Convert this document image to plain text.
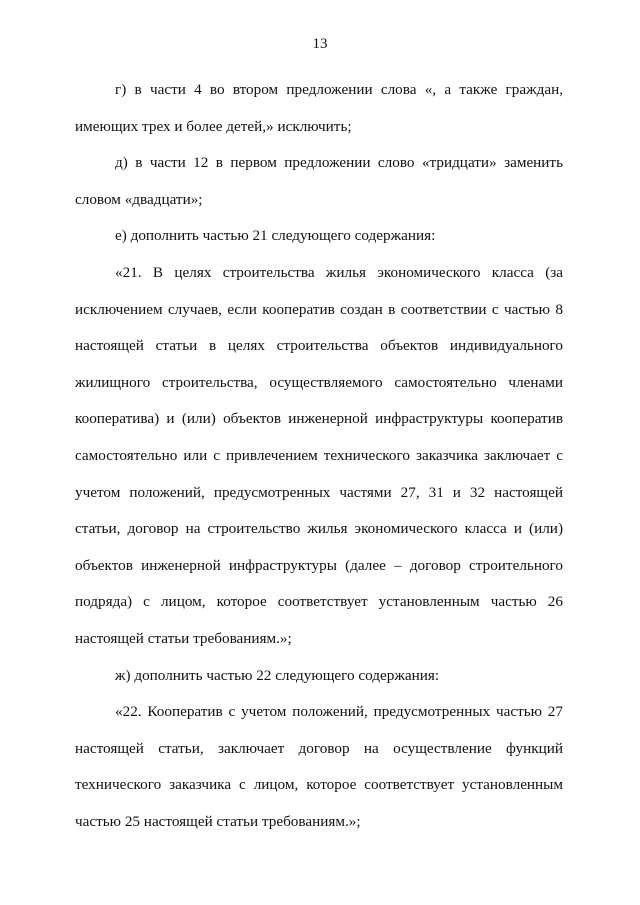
13

г) в части 4 во втором предложении слова «, а также граждан, имеющих трех и более детей,» исключить;

д) в части 12 в первом предложении слово «тридцати» заменить словом «двадцати»;

е) дополнить частью 21 следующего содержания:

«21. В целях строительства жилья экономического класса (за исключением случаев, если кооператив создан в соответствии с частью 8 настоящей статьи в целях строительства объектов индивидуального жилищного строительства, осуществляемого самостоятельно членами кооператива) и (или) объектов инженерной инфраструктуры кооператив самостоятельно или с привлечением технического заказчика заключает с учетом положений, предусмотренных частями 27, 31 и 32 настоящей статьи, договор на строительство жилья экономического класса и (или) объектов инженерной инфраструктуры (далее – договор строительного подряда) с лицом, которое соответствует установленным частью 26 настоящей статьи требованиям.»;

ж) дополнить частью 22 следующего содержания:

«22. Кооператив с учетом положений, предусмотренных частью 27 настоящей статьи, заключает договор на осуществление функций технического заказчика с лицом, которое соответствует установленным частью 25 настоящей статьи требованиям.»;
